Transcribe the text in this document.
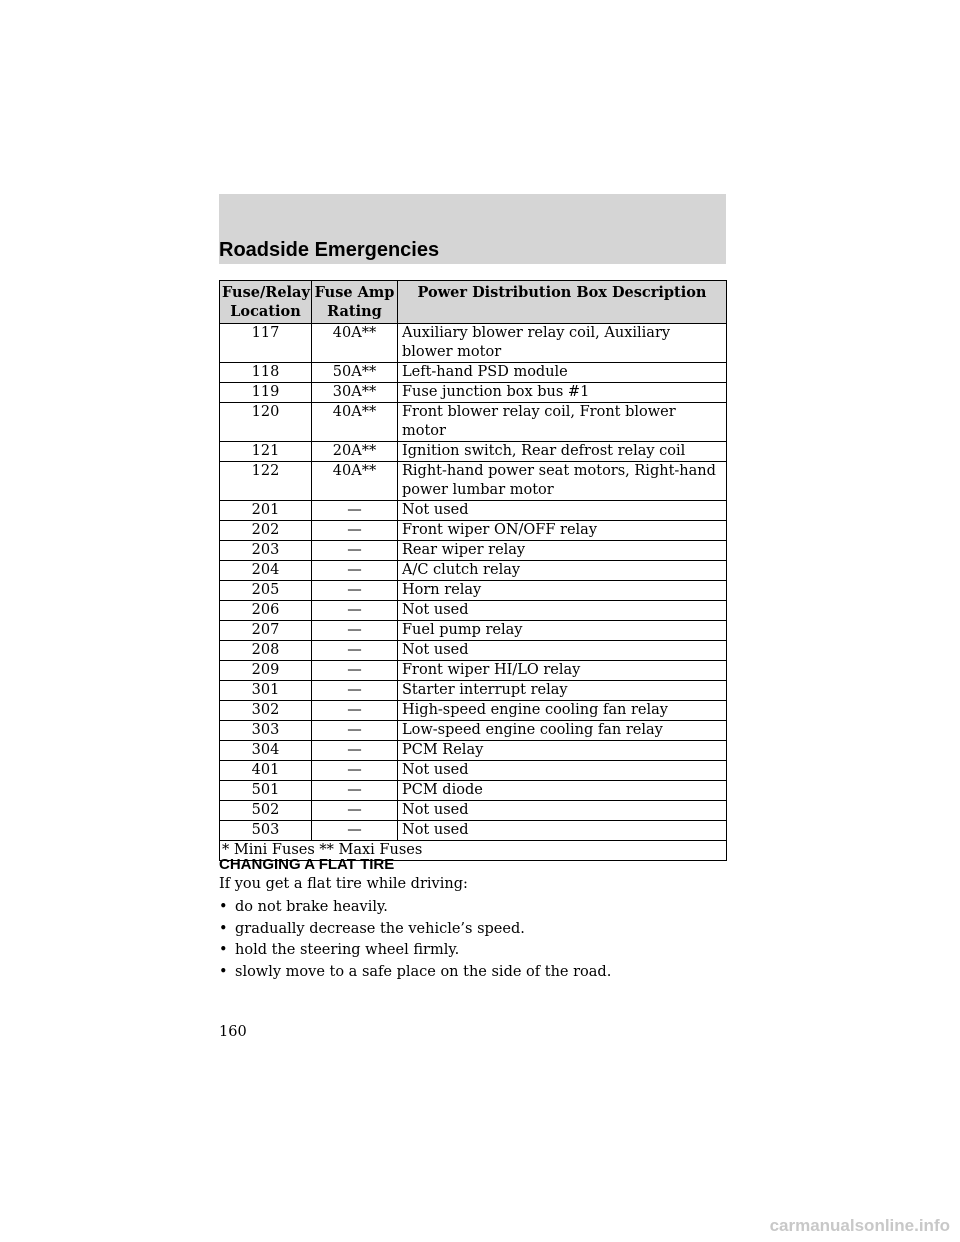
Roadside Emergencies
Fuse/Relay Location	Fuse Amp Rating	Power Distribution Box Description
117	40A**	Auxiliary blower relay coil, Auxiliary blower motor
118	50A**	Left-hand PSD module
119	30A**	Fuse junction box bus #1
120	40A**	Front blower relay coil, Front blower motor
121	20A**	Ignition switch, Rear defrost relay coil
122	40A**	Right-hand power seat motors, Right-hand power lumbar motor
201	—	Not used
202	—	Front wiper ON/OFF relay
203	—	Rear wiper relay
204	—	A/C clutch relay
205	—	Horn relay
206	—	Not used
207	—	Fuel pump relay
208	—	Not used
209	—	Front wiper HI/LO relay
301	—	Starter interrupt relay
302	—	High-speed engine cooling fan relay
303	—	Low-speed engine cooling fan relay
304	—	PCM Relay
401	—	Not used
501	—	PCM diode
502	—	Not used
503	—	Not used
* Mini Fuses ** Maxi Fuses		
CHANGING A FLAT TIRE
If you get a flat tire while driving:
• do not brake heavily.
• gradually decrease the vehicle’s speed.
• hold the steering wheel firmly.
• slowly move to a safe place on the side of the road.
160
carmanualsonline.info
